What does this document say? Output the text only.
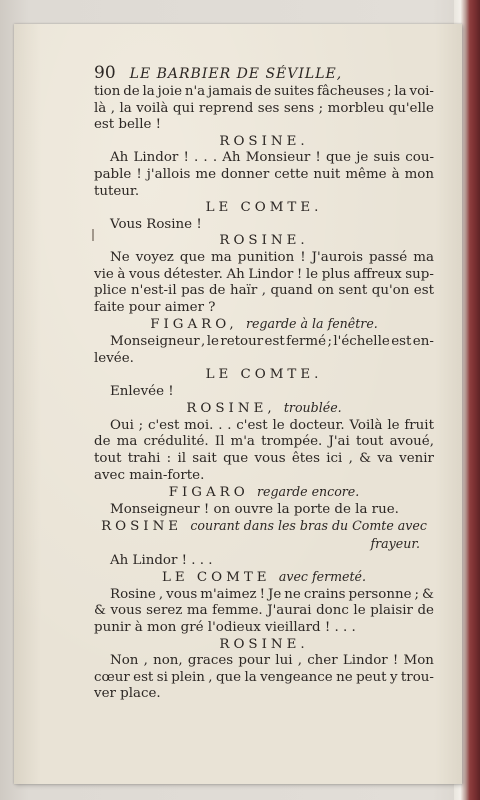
90 LE BARBIER DE SÉVILLE,
tion de la joie n'a jamais de suites fâcheuses ; la voi-
là , la voilà qui reprend ses sens ; morbleu qu'elle
est belle !
ROSINE.
Ah Lindor ! . . . Ah Monsieur ! que je suis cou-
pable ! j'allois me donner cette nuit même à mon
tuteur.
LE COMTE.
Vous Rosine !
ROSINE.
Ne voyez que ma punition ! J'aurois passé ma
vie à vous détester. Ah Lindor ! le plus affreux sup-
plice n'est-il pas de haïr , quand on sent qu'on est
faite pour aimer ?
FIGARO, regarde à la fenêtre.
Monseigneur , le retour est fermé ; l'échelle est en-
levée.
LE COMTE.
Enlevée !
ROSINE, troublée.
Oui ; c'est moi. . . c'est le docteur. Voilà le fruit
de ma crédulité. Il m'a trompée. J'ai tout avoué,
tout trahi : il sait que vous êtes ici , & va venir
avec main-forte.
FIGARO regarde encore.
Monseigneur ! on ouvre la porte de la rue.
ROSINE courant dans les bras du Comte avec
frayeur.
Ah Lindor ! . . .
LE COMTE avec fermeté.
Rosine , vous m'aimez ! Je ne crains personne ; &
& vous serez ma femme. J'aurai donc le plaisir de
punir à mon gré l'odieux vieillard ! . . .
ROSINE.
Non , non, graces pour lui , cher Lindor ! Mon
cœur est si plein , que la vengeance ne peut y trou-
ver place.
